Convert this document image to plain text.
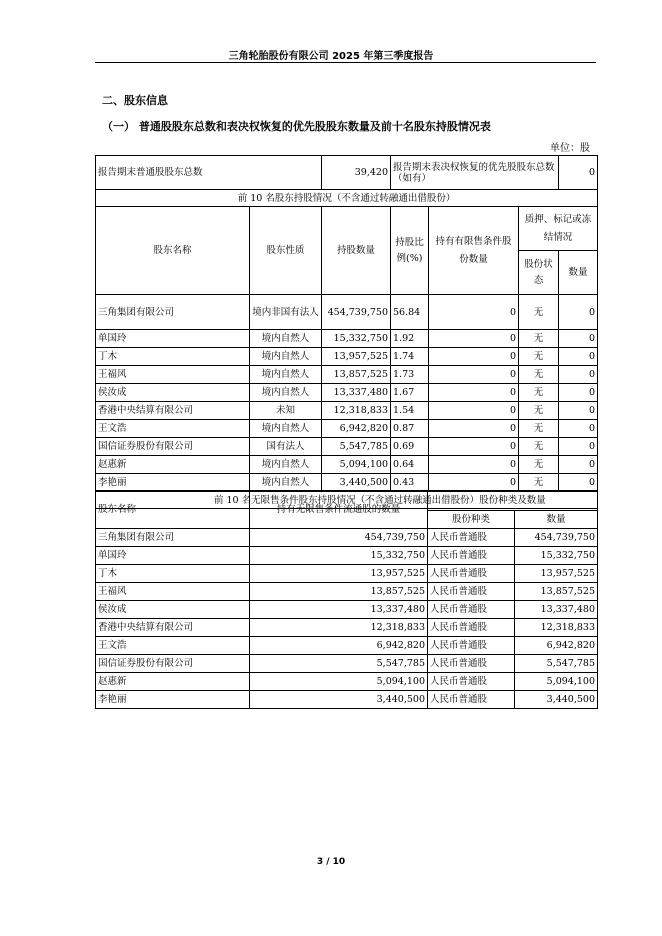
三角轮胎股份有限公司 2025 年第三季度报告
二、股东信息
（一） 普通股股东总数和表决权恢复的优先股股东数量及前十名股东持股情况表
单位：股
报告期末普通股股东总数		39,420	报告期末表决权恢复的优先股股东总数（如有）			0
前 10 名股东持股情况（不含通过转融通出借股份）						
股东名称	股东性质	持股数量	持股比例(%)	持有有限售条件股份数量	质押、标记或冻结情况	
					股份状态	数量
三角集团有限公司	境内非国有法人	454,739,750	56.84	0	无	0
单国玲	境内自然人	15,332,750	1.92	0	无	0
丁木	境内自然人	13,957,525	1.74	0	无	0
王福风	境内自然人	13,857,525	1.73	0	无	0
侯汝成	境内自然人	13,337,480	1.67	0	无	0
香港中央结算有限公司	未知	12,318,833	1.54	0	无	0
王文浩	境内自然人	6,942,820	0.87	0	无	0
国信证券股份有限公司	国有法人	5,547,785	0.69	0	无	0
赵惠新	境内自然人	5,094,100	0.64	0	无	0
李艳丽	境内自然人	3,440,500	0.43	0	无	0
前 10 名无限售条件股东持股情况（不含通过转融通出借股份）						
股东名称	持有无限售条件流通股的数量	股份种类及数量	
		股份种类	数量
三角集团有限公司	454,739,750	人民币普通股	454,739,750
单国玲	15,332,750	人民币普通股	15,332,750
丁木	13,957,525	人民币普通股	13,957,525
王福风	13,857,525	人民币普通股	13,857,525
侯汝成	13,337,480	人民币普通股	13,337,480
香港中央结算有限公司	12,318,833	人民币普通股	12,318,833
王文浩	6,942,820	人民币普通股	6,942,820
国信证券股份有限公司	5,547,785	人民币普通股	5,547,785
赵惠新	5,094,100	人民币普通股	5,094,100
李艳丽	3,440,500	人民币普通股	3,440,500
3 / 10
